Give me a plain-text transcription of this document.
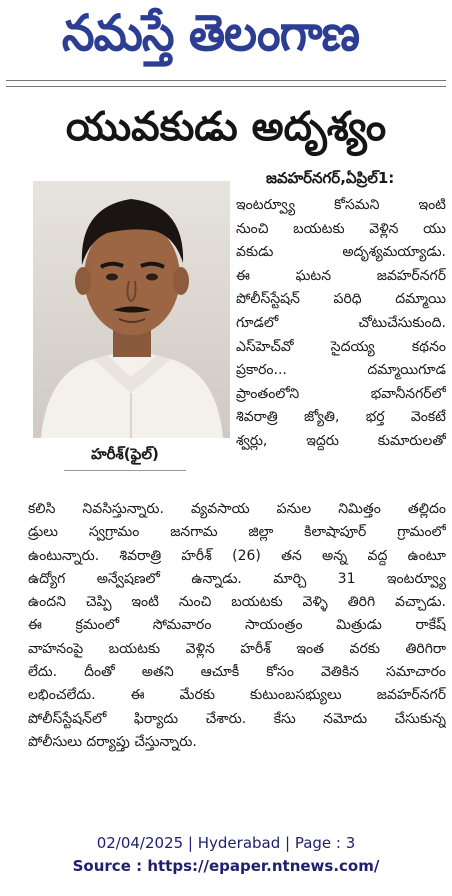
నమస్తే తెలంగాణ
యువకుడు అదృశ్యం
హరీశ్(ఫైల్)
జవహర్‌నగర్,ఏప్రిల్1:
ఇంటర్వ్యూ కోసమని ఇంటి
నుంచి బయటకు వెళ్లిన యు
వకుడు అదృశ్యమయ్యాడు.
ఈ ఘటన జవహర్‌నగర్
పోలీస్‌స్టేషన్ పరిధి దమ్మాయి
గూడలో చోటుచేసుకుంది.
ఎస్‌హెచ్‌వో సైదయ్య కథనం
ప్రకారం... దమ్మాయిగూడ
ప్రాంతంలోని భవానీనగర్‌లో
శివరాత్రి జ్యోతి, భర్త వెంకటే
శ్వర్లు, ఇద్దరు కుమారులతో
కలిసి నివసిస్తున్నారు. వ్యవసాయ పనుల నిమిత్తం తల్లిదం
డ్రులు స్వగ్రామం జనగామ జిల్లా కిలాషాపూర్ గ్రామంలో
ఉంటున్నారు. శివరాత్రి హరీశ్ (26) తన అన్న వద్ద ఉంటూ
ఉద్యోగ అన్వేషణలో ఉన్నాడు. మార్చి 31 ఇంటర్వ్యూ
ఉందని చెప్పి ఇంటి నుంచి బయటకు వెళ్ళి తిరిగి వచ్చాడు.
ఈ క్రమంలో సోమవారం సాయంత్రం మిత్రుడు రాకేష్
వాహనంపై బయటకు వెళ్లిన హరీశ్ ఇంత వరకు తిరిగిరా
లేదు. దీంతో అతని ఆచూకీ కోసం వెతికిన సమాచారం
లభించలేదు. ఈ మేరకు కుటుంబసభ్యులు జవహర్‌నగర్
పోలీస్‌స్టేషన్‌లో ఫిర్యాదు చేశారు. కేసు నమోదు చేసుకున్న
పోలీసులు దర్యాప్తు చేస్తున్నారు.
02/04/2025 | Hyderabad | Page : 3
Source : https://epaper.ntnews.com/
